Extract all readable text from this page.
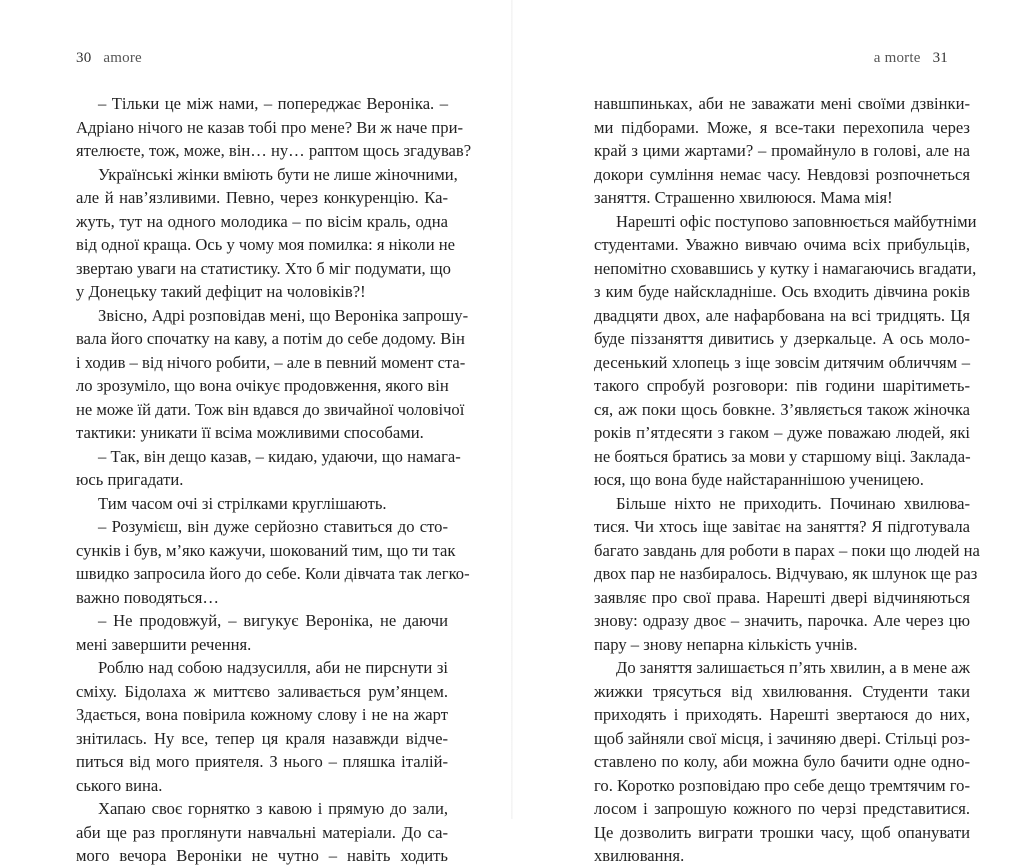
30 amore
– Тільки це між нами, – попереджає Вероніка. –
Адріано нічого не казав тобі про мене? Ви ж наче при-
ятелюєте, тож, може, він… ну… раптом щось згадував?
Українські жінки вміють бути не лише жіночними,
але й нав’язливими. Певно, через конкуренцію. Ка-
жуть, тут на одного молодика – по вісім краль, одна
від одної краща. Ось у чому моя помилка: я ніколи не
звертаю уваги на статистику. Хто б міг подумати, що
у Донецьку такий дефіцит на чоловіків?!
Звісно, Адрі розповідав мені, що Вероніка запрошу-
вала його спочатку на каву, а потім до себе додому. Він
і ходив – від нічого робити, – але в певний момент ста-
ло зрозуміло, що вона очікує продовження, якого він
не може їй дати. Тож він вдався до звичайної чоловічої
тактики: уникати її всіма можливими способами.
– Так, він дещо казав, – кидаю, удаючи, що намага-
юсь пригадати.
Тим часом очі зі стрілками круглішають.
– Розумієш, він дуже серйозно ставиться до сто-
сунків і був, м’яко кажучи, шокований тим, що ти так
швидко запросила його до себе. Коли дівчата так легко-
важно поводяться…
– Не продовжуй, – вигукує Вероніка, не даючи
мені завершити речення.
Роблю над собою надзусилля, аби не пирснути зі
сміху. Бідолаха ж миттєво заливається рум’янцем.
Здається, вона повірила кожному слову і не на жарт
знітилась. Ну все, тепер ця краля назавжди відче-
питься від мого приятеля. З нього – пляшка італій-
ського вина.
Хапаю своє горнятко з кавою і прямую до зали,
аби ще раз проглянути навчальні матеріали. До са-
мого вечора Вероніки не чутно – навіть ходить
a morte 31
навшпиньках, аби не заважати мені своїми дзвінки-
ми підборами. Може, я все-таки перехопила через
край з цими жартами? – промайнуло в голові, але на
докори сумління немає часу. Невдовзі розпочнеться
заняття. Страшенно хвилююся. Мама мія!
Нарешті офіс поступово заповнюється майбутніми
студентами. Уважно вивчаю очима всіх прибульців,
непомітно сховавшись у кутку і намагаючись вгадати,
з ким буде найскладніше. Ось входить дівчина років
двадцяти двох, але нафарбована на всі тридцять. Ця
буде піззаняття дивитись у дзеркальце. А ось моло-
десенький хлопець з іще зовсім дитячим обличчям –
такого спробуй розговори: пів години шарітиметь-
ся, аж поки щось бовкне. З’являється також жіночка
років п’ятдесяти з гаком – дуже поважаю людей, які
не бояться братись за мови у старшому віці. Заклада-
юся, що вона буде найстараннішою ученицею.
Більше ніхто не приходить. Починаю хвилюва-
тися. Чи хтось іще завітає на заняття? Я підготувала
багато завдань для роботи в парах – поки що людей на
двох пар не назбиралось. Відчуваю, як шлунок ще раз
заявляє про свої права. Нарешті двері відчиняються
знову: одразу двоє – значить, парочка. Але через цю
пару – знову непарна кількість учнів.
До заняття залишається п’ять хвилин, а в мене аж
жижки трясуться від хвилювання. Студенти таки
приходять і приходять. Нарешті звертаюся до них,
щоб зайняли свої місця, і зачиняю двері. Стільці роз-
ставлено по колу, аби можна було бачити одне одно-
го. Коротко розповідаю про себе дещо тремтячим го-
лосом і запрошую кожного по черзі представитися.
Це дозволить виграти трошки часу, щоб опанувати
хвилювання.
